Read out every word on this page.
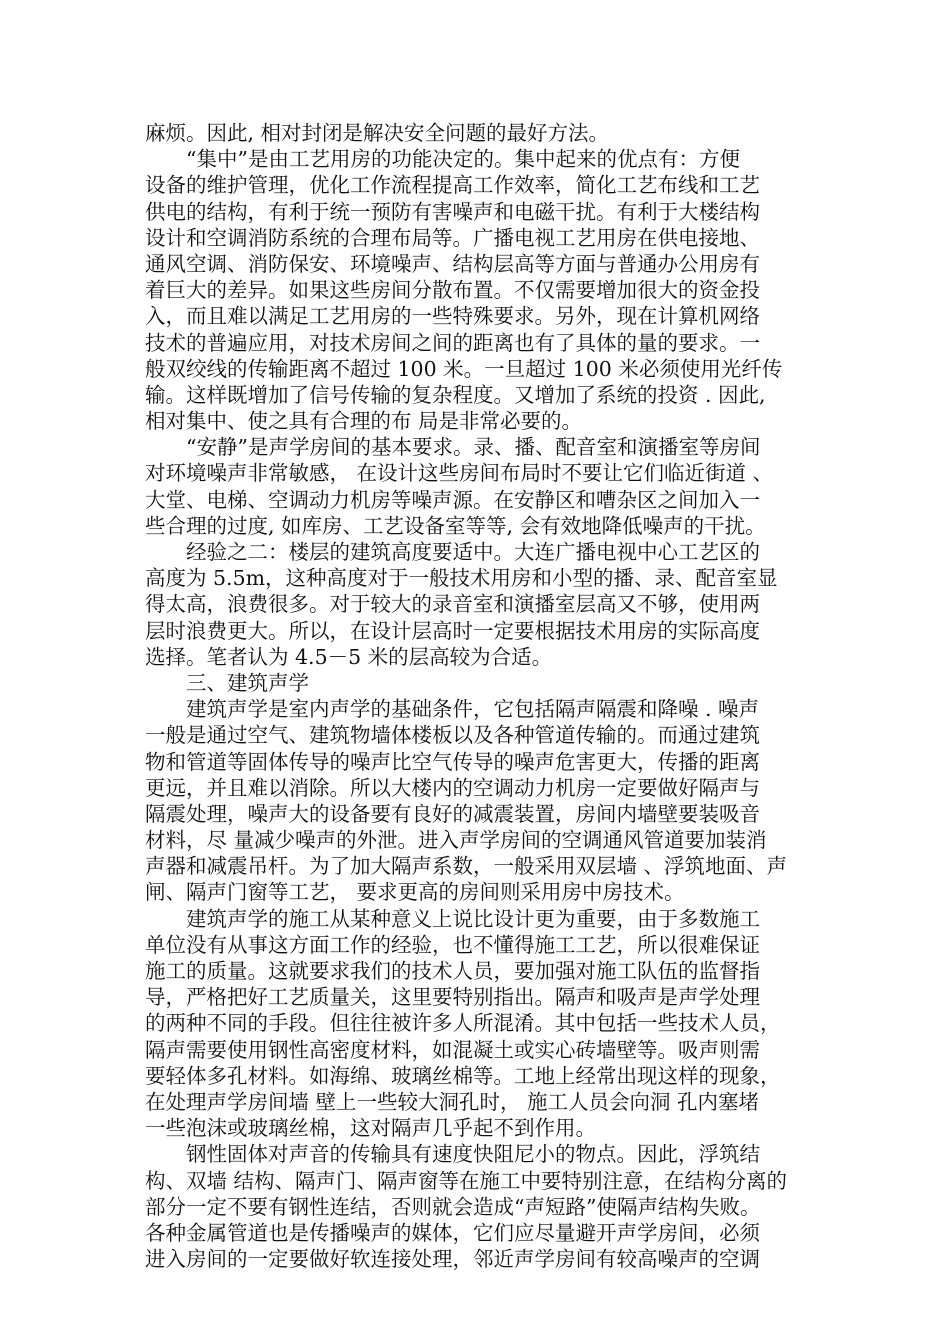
麻烦。因此, 相对封闭是解决安全问题的最好方法。
“集中”是由工艺用房的功能决定的。集中起来的优点有：方便
设备的维护管理，优化工作流程提高工作效率，简化工艺布线和工艺
供电的结构，有利于统一预防有害噪声和电磁干扰。有利于大楼结构
设计和空调消防系统的合理布局等。广播电视工艺用房在供电接地、
通风空调、消防保安、环境噪声、结构层高等方面与普通办公用房有
着巨大的差异。如果这些房间分散布置。不仅需要增加很大的资金投
入，而且难以满足工艺用房的一些特殊要求。另外，现在计算机网络
技术的普遍应用，对技术房间之间的距离也有了具体的量的要求。一
般双绞线的传输距离不超过 100 米。一旦超过 100 米必须使用光纤传
输。这样既增加了信号传输的复杂程度。又增加了系统的投资 . 因此,
相对集中、使之具有合理的布 局是非常必要的。
“安静”是声学房间的基本要求。录、播、配音室和演播室等房间
对环境噪声非常敏感， 在设计这些房间布局时不要让它们临近街道 、
大堂、电梯、空调动力机房等噪声源。在安静区和嘈杂区之间加入一
些合理的过度, 如库房、工艺设备室等等, 会有效地降低噪声的干扰。
经验之二：楼层的建筑高度要适中。大连广播电视中心工艺区的
高度为 5.5m，这种高度对于一般技术用房和小型的播、录、配音室显
得太高，浪费很多。对于较大的录音室和演播室层高又不够，使用两
层时浪费更大。所以，在设计层高时一定要根据技术用房的实际高度
选择。笔者认为 4.5－5 米的层高较为合适。
三、建筑声学
建筑声学是室内声学的基础条件，它包括隔声隔震和降噪 . 噪声
一般是通过空气、建筑物墙体楼板以及各种管道传输的。而通过建筑
物和管道等固体传导的噪声比空气传导的噪声危害更大，传播的距离
更远，并且难以消除。所以大楼内的空调动力机房一定要做好隔声与
隔震处理，噪声大的设备要有良好的减震装置，房间内墙壁要装吸音
材料，尽 量减少噪声的外泄。进入声学房间的空调通风管道要加装消
声器和减震吊杆。为了加大隔声系数，一般采用双层墙 、浮筑地面、声
闸、隔声门窗等工艺， 要求更高的房间则采用房中房技术。
建筑声学的施工从某种意义上说比设计更为重要，由于多数施工
单位没有从事这方面工作的经验，也不懂得施工工艺，所以很难保证
施工的质量。这就要求我们的技术人员，要加强对施工队伍的监督指
导，严格把好工艺质量关，这里要特别指出。隔声和吸声是声学处理
的两种不同的手段。但往往被许多人所混淆。其中包括一些技术人员，
隔声需要使用钢性高密度材料，如混凝土或实心砖墙壁等。吸声则需
要轻体多孔材料。如海绵、玻璃丝棉等。工地上经常出现这样的现象，
在处理声学房间墙 壁上一些较大洞孔时， 施工人员会向洞 孔内塞堵
一些泡沫或玻璃丝棉，这对隔声几乎起不到作用。
钢性固体对声音的传输具有速度快阻尼小的物点。因此，浮筑结
构、双墙 结构、隔声门、隔声窗等在施工中要特别注意，在结构分离的
部分一定不要有钢性连结，否则就会造成“声短路”使隔声结构失败。
各种金属管道也是传播噪声的媒体，它们应尽量避开声学房间，必须
进入房间的一定要做好软连接处理，邻近声学房间有较高噪声的空调
